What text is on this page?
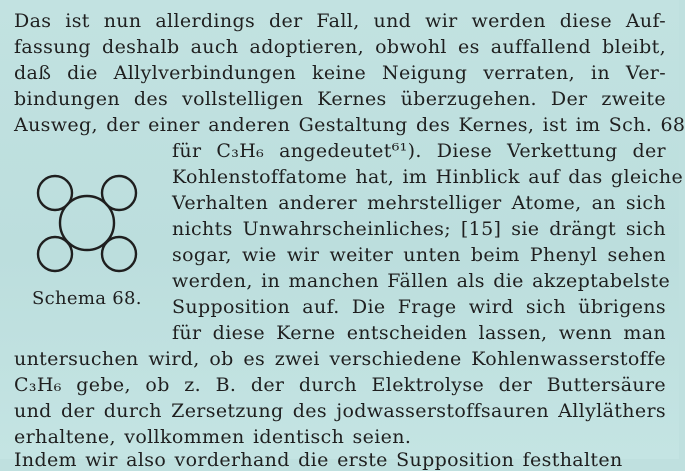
Das ist nun allerdings der Fall, und wir werden diese Auf-
fassung deshalb auch adoptieren, obwohl es auffallend bleibt,
daß die Allylverbindungen keine Neigung verraten, in Ver-
bindungen des vollstelligen Kernes überzugehen. Der zweite
Ausweg, der einer anderen Gestaltung des Kernes, ist im Sch. 68
für C₃H₆ angedeutet⁶¹). Diese Verkettung der
Kohlenstoffatome hat, im Hinblick auf das gleiche
Verhalten anderer mehrstelliger Atome, an sich
nichts Unwahrscheinliches; [15] sie drängt sich
sogar, wie wir weiter unten beim Phenyl sehen
werden, in manchen Fällen als die akzeptabelste
Supposition auf. Die Frage wird sich übrigens
für diese Kerne entscheiden lassen, wenn man
untersuchen wird, ob es zwei verschiedene Kohlenwasserstoffe
C₃H₆ gebe, ob z. B. der durch Elektrolyse der Buttersäure
und der durch Zersetzung des jodwasserstoffsauren Allyläthers
erhaltene, vollkommen identisch seien.
Indem wir also vorderhand die erste Supposition festhalten
Schema 68.
